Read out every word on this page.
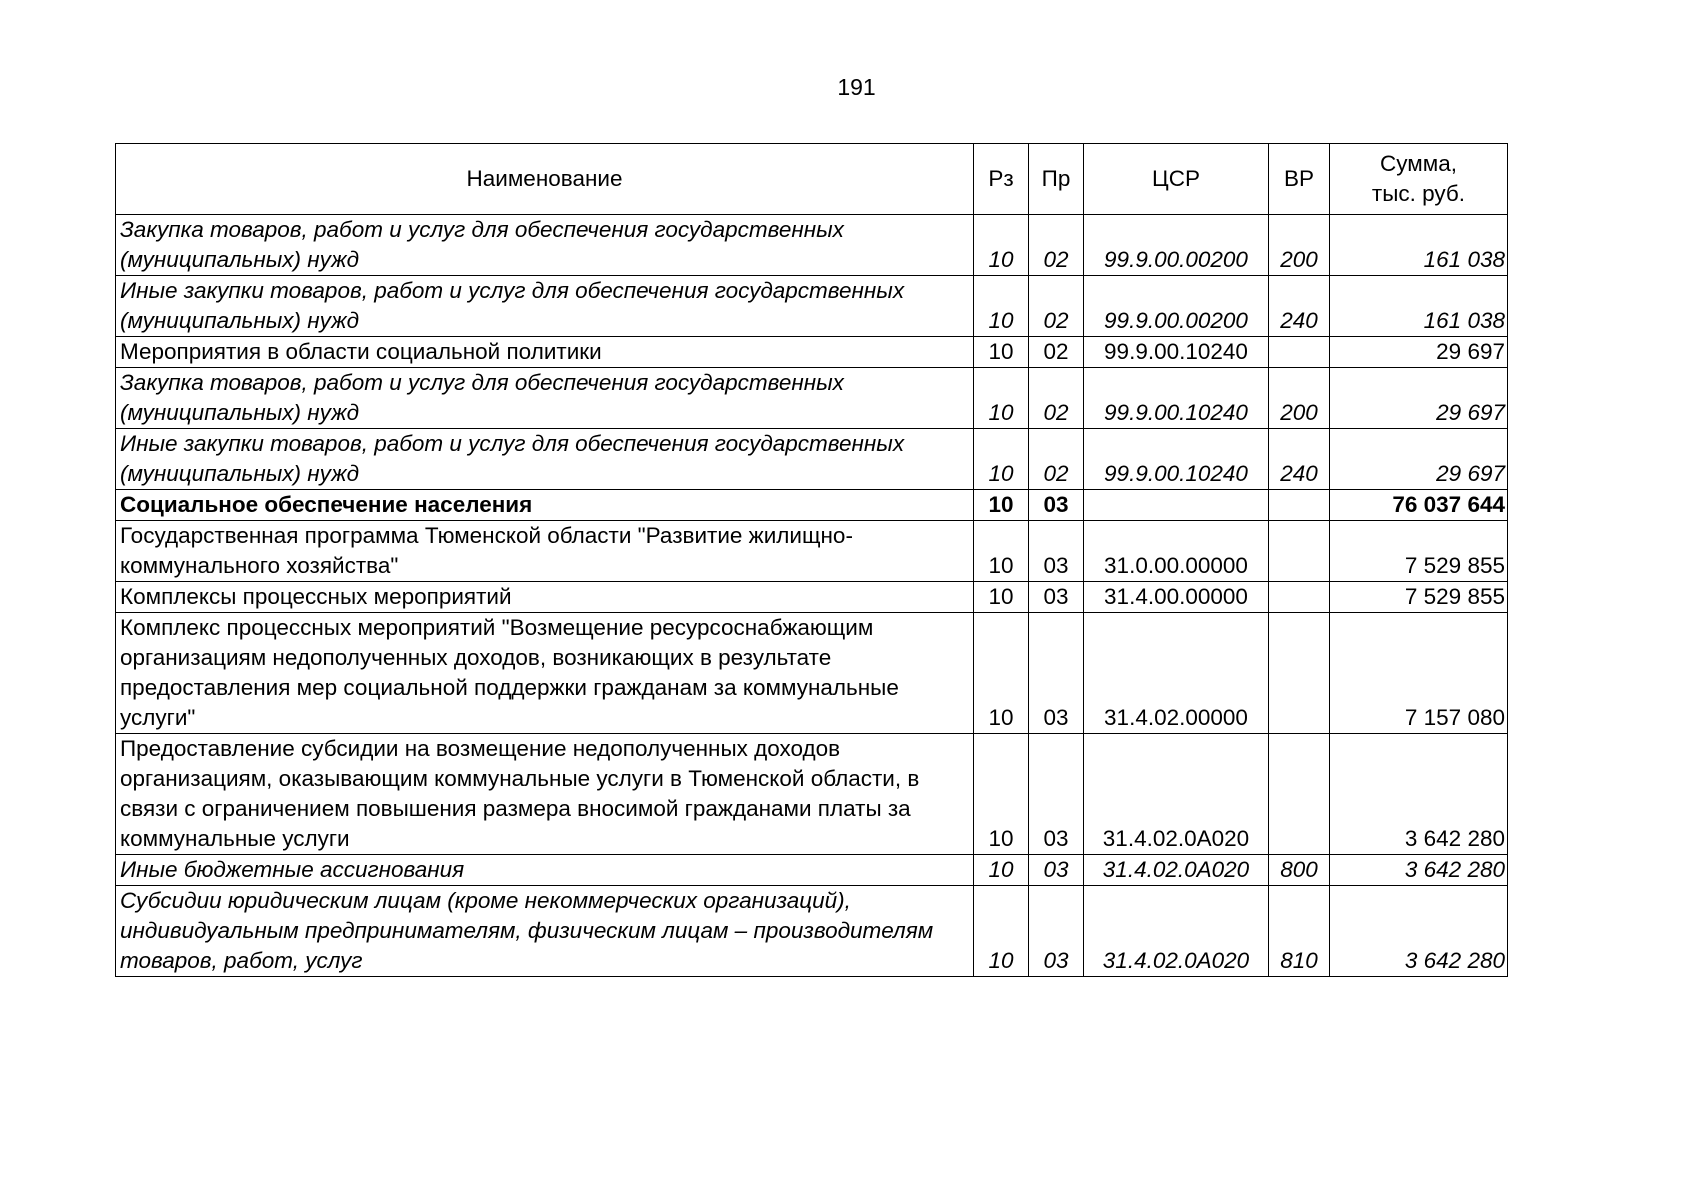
191
Наименование	Рз	Пр	ЦСР	ВР	Сумма,
тыс. руб.

Закупка товаров, работ и услуг для обеспечения государственных (муниципальных) нужд	10	02	99.9.00.00200	200	161 038
Иные закупки товаров, работ и услуг для обеспечения государственных (муниципальных) нужд	10	02	99.9.00.00200	240	161 038
Мероприятия в области социальной политики	10	02	99.9.00.10240		29 697
Закупка товаров, работ и услуг для обеспечения государственных (муниципальных) нужд	10	02	99.9.00.10240	200	29 697
Иные закупки товаров, работ и услуг для обеспечения государственных (муниципальных) нужд	10	02	99.9.00.10240	240	29 697
Социальное обеспечение населения	10	03			76 037 644
Государственная программа Тюменской области "Развитие жилищно-коммунального хозяйства"	10	03	31.0.00.00000		7 529 855
Комплексы процессных мероприятий	10	03	31.4.00.00000		7 529 855
Комплекс процессных мероприятий "Возмещение ресурсоснабжающим организациям недополученных доходов, возникающих в результате предоставления мер социальной поддержки гражданам за коммунальные услуги"	10	03	31.4.02.00000		7 157 080
Предоставление субсидии на возмещение недополученных доходов организациям, оказывающим коммунальные услуги в Тюменской области, в связи с ограничением повышения размера вносимой гражданами платы за коммунальные услуги	10	03	31.4.02.0А020		3 642 280
Иные бюджетные ассигнования	10	03	31.4.02.0А020	800	3 642 280
Субсидии юридическим лицам (кроме некоммерческих организаций), индивидуальным предпринимателям, физическим лицам – производителям товаров, работ, услуг	10	03	31.4.02.0А020	810	3 642 280
